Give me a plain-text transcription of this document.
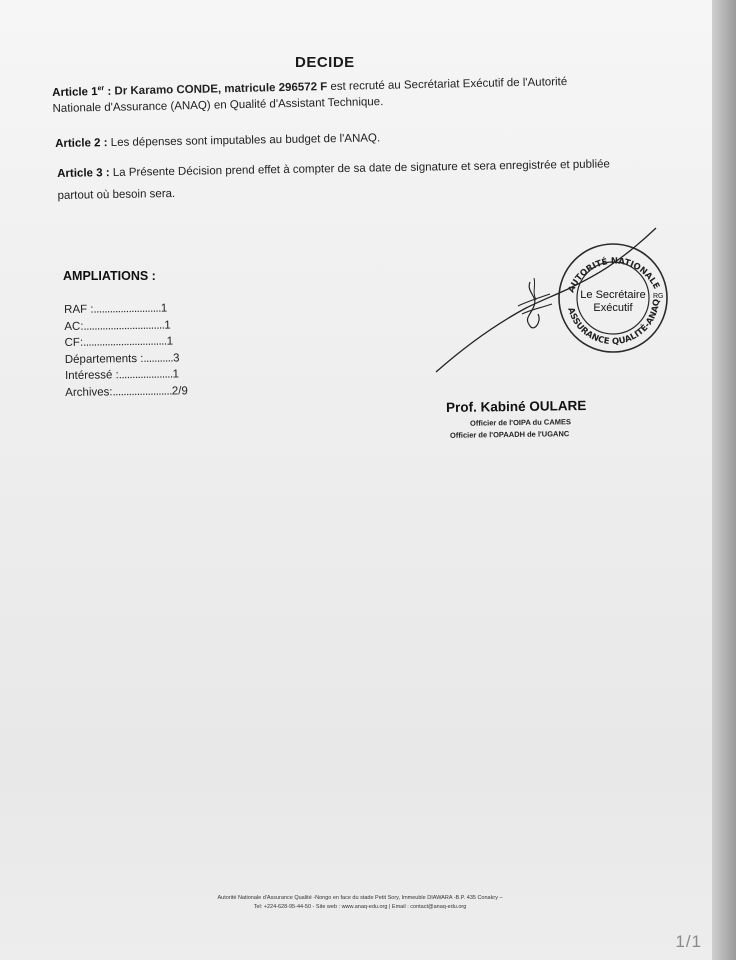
DECIDE
Article 1er : Dr Karamo CONDE, matricule 296572 F est recruté au Secrétariat Exécutif de l'Autorité Nationale d'Assurance (ANAQ) en Qualité d'Assistant Technique.
Article 2 : Les dépenses sont imputables au budget de l'ANAQ.
Article 3 : La Présente Décision prend effet à compter de sa date de signature et sera enregistrée et publiée partout où besoin sera.
AMPLIATIONS :
RAF : ......................... 1
AC: .............................. 1
CF: ............................... 1
Départements : ........... 3
Intéressé : .................... 1
Archives: ...................... 2/9
AUTORITÉ NATIONALE
ASSURANCE QUALITÉ-ANAQ
Le Secrétaire
Exécutif
RG
Prof. Kabiné OULARE
Officier de l'OIPA du CAMES
Officier de l'OPAADH de l'UGANC
Autorité Nationale d'Assurance Qualité -Nongo en face du stade Petit Sory, Immeuble DIAWARA -B.P. 435 Conakry –
Tel: +224-628-95-44-50 - Site web : www.anaq-edu.org | Email : contact@anaq-edu.org
1/1
